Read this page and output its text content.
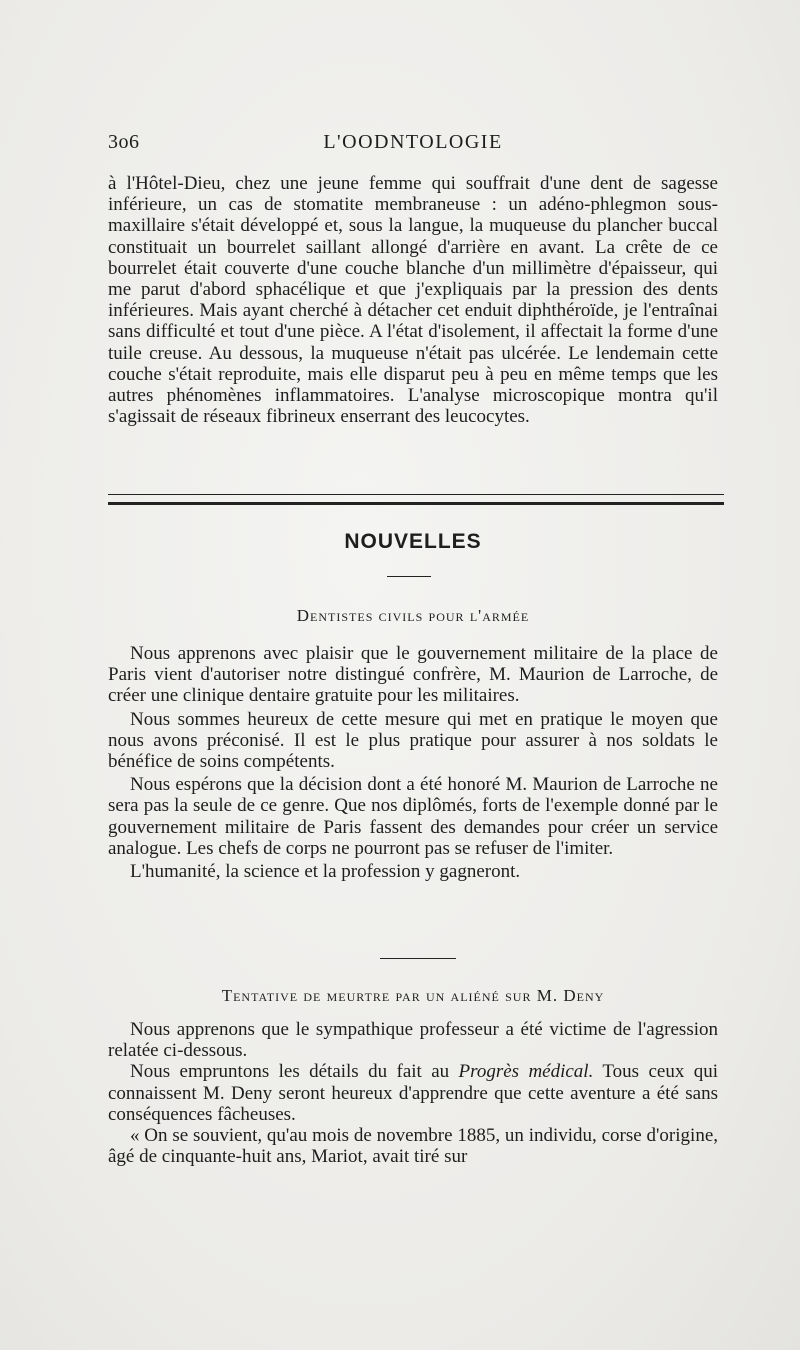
3o6	L'OODNTOLOGIE

à l'Hôtel-Dieu, chez une jeune femme qui souffrait d'une dent de sagesse inférieure, un cas de stomatite membraneuse : un adéno-phlegmon sous-maxillaire s'était développé et, sous la langue, la muqueuse du plancher buccal constituait un bourrelet saillant allongé d'arrière en avant. La crête de ce bourrelet était couverte d'une couche blanche d'un millimètre d'épaisseur, qui me parut d'abord sphacélique et que j'expliquais par la pression des dents inférieures. Mais ayant cherché à détacher cet enduit diphthéroïde, je l'entraînai sans difficulté et tout d'une pièce. A l'état d'isolement, il affectait la forme d'une tuile creuse. Au dessous, la muqueuse n'était pas ulcérée. Le lendemain cette couche s'était reproduite, mais elle disparut peu à peu en même temps que les autres phénomènes inflammatoires. L'analyse microscopique montra qu'il s'agissait de réseaux fibrineux enserrant des leucocytes.

NOUVELLES
Dentistes civils pour l'armée

Nous apprenons avec plaisir que le gouvernement militaire de la place de Paris vient d'autoriser notre distingué confrère, M. Maurion de Larroche, de créer une clinique dentaire gratuite pour les militaires.

Nous sommes heureux de cette mesure qui met en pratique le moyen que nous avons préconisé. Il est le plus pratique pour assurer à nos soldats le bénéfice de soins compétents.

Nous espérons que la décision dont a été honoré M. Maurion de Larroche ne sera pas la seule de ce genre. Que nos diplômés, forts de l'exemple donné par le gouvernement militaire de Paris fassent des demandes pour créer un service analogue. Les chefs de corps ne pourront pas se refuser de l'imiter.

L'humanité, la science et la profession y gagneront.

Tentative de meurtre par un aliéné sur M. Deny

Nous apprenons que le sympathique professeur a été victime de l'agression relatée ci-dessous.

Nous empruntons les détails du fait au Progrès médical. Tous ceux qui connaissent M. Deny seront heureux d'apprendre que cette aventure a été sans conséquences fâcheuses.

« On se souvient, qu'au mois de novembre 1885, un individu, corse d'origine, âgé de cinquante-huit ans, Mariot, avait tiré sur
